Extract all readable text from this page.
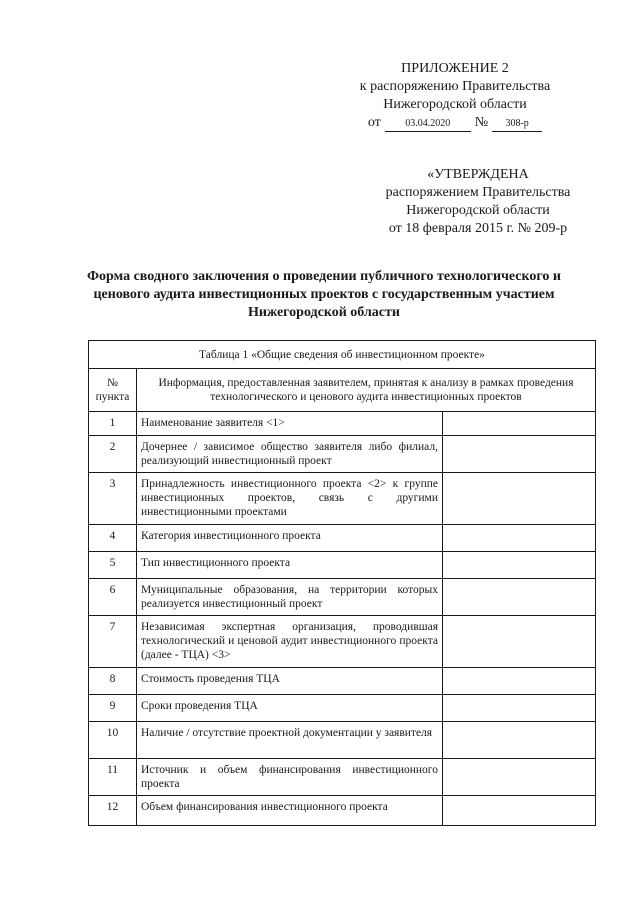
ПРИЛОЖЕНИЕ 2
к распоряжению Правительства
Нижегородской области
от	03.04.2020	№	308-р
«УТВЕРЖДЕНА
распоряжением Правительства
Нижегородской области
от 18 февраля 2015 г. № 209-р
Форма сводного заключения о проведении публичного технологического и ценового аудита инвестиционных проектов с государственным участием Нижегородской области
Таблица 1 «Общие сведения об инвестиционном проекте»		
№ пункта	Информация, предоставленная заявителем, принятая к анализу в рамках проведения технологического и ценового аудита инвестиционных проектов	
1	Наименование заявителя <1>	
2	Дочернее / зависимое общество заявителя либо филиал, реализующий инвестиционный проект	
3	Принадлежность инвестиционного проекта <2> к группе инвестиционных проектов, связь с другими инвестиционными проектами	
4	Категория инвестиционного проекта	
5	Тип инвестиционного проекта	
6	Муниципальные образования, на территории которых реализуется инвестиционный проект	
7	Независимая экспертная организация, проводившая технологический и ценовой аудит инвестиционного проекта (далее - ТЦА) <3>	
8	Стоимость проведения ТЦА	
9	Сроки проведения ТЦА	
10	Наличие / отсутствие проектной документации у заявителя	
11	Источник и объем финансирования инвестиционного проекта	
12	Объем финансирования инвестиционного проекта	
